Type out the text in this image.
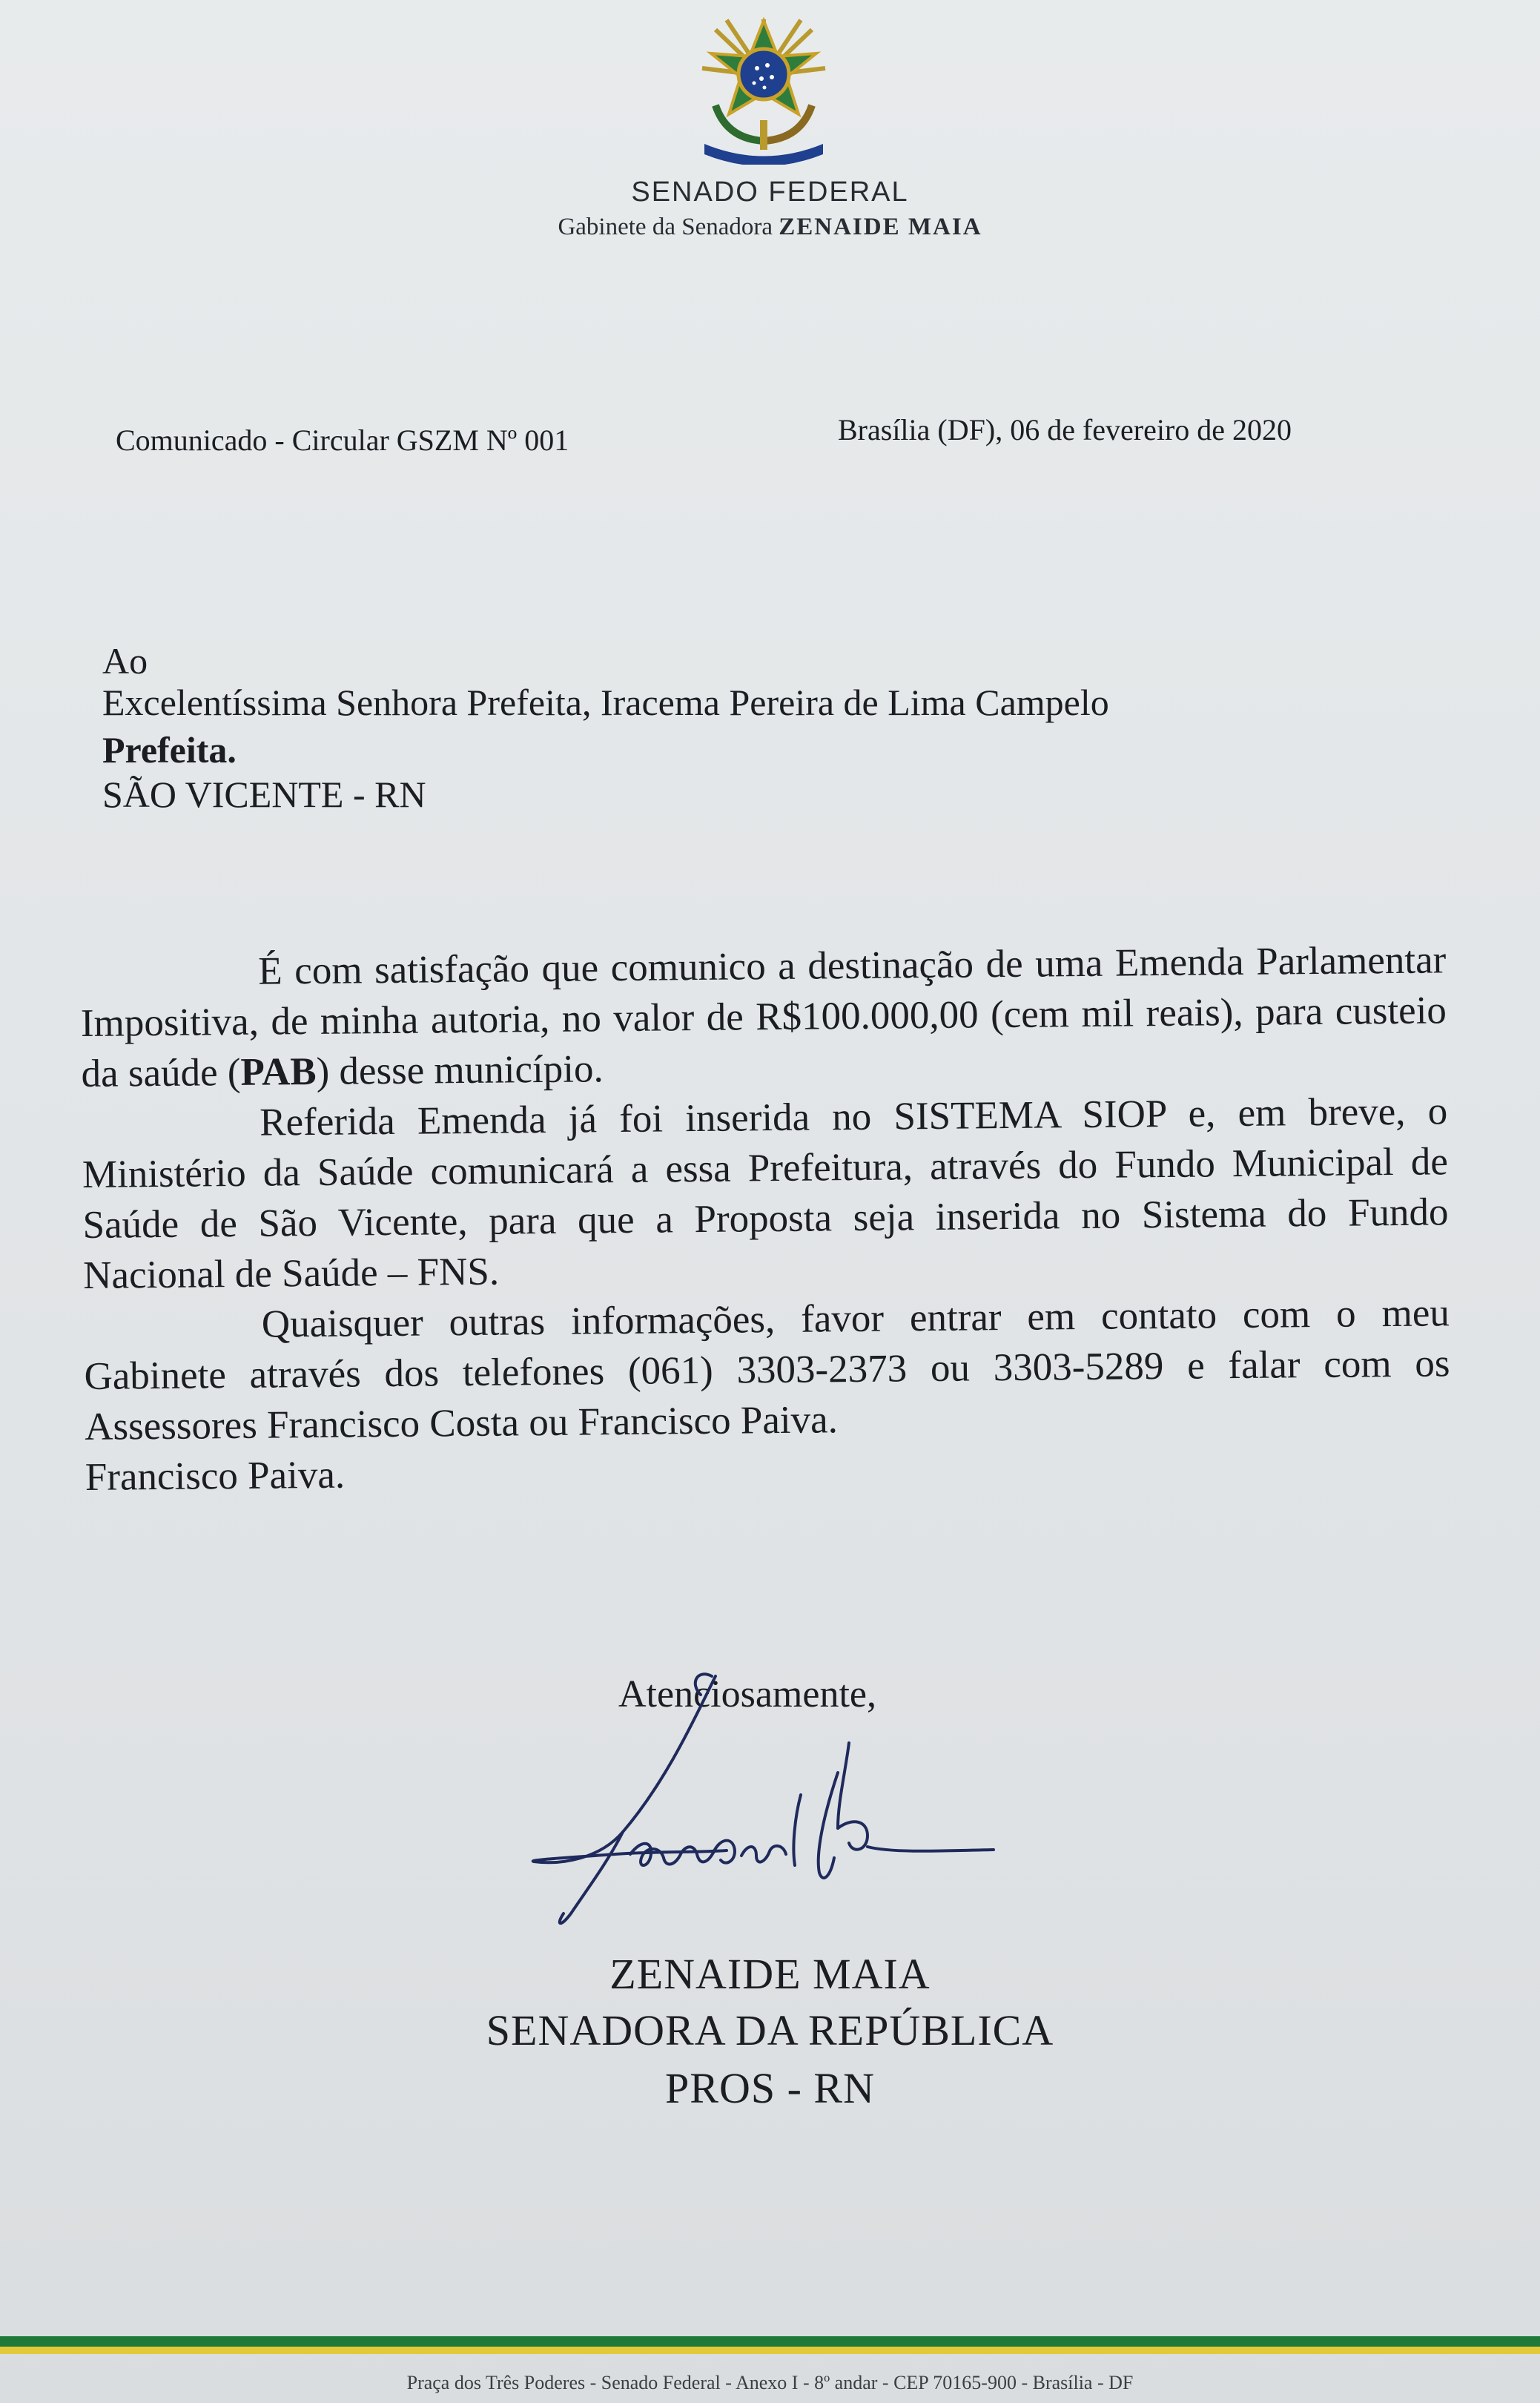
SENADO FEDERAL
Gabinete da Senadora ZENAIDE MAIA
Comunicado - Circular GSZM Nº 001	Brasília (DF), 06 de fevereiro de 2020
Ao
Excelentíssima Senhora Prefeita, Iracema Pereira de Lima Campelo
Prefeita.
SÃO VICENTE - RN

É com satisfação que comunico a destinação de uma Emenda Parlamentar Impositiva, de minha autoria, no valor de R$100.000,00 (cem mil reais), para custeio da saúde (PAB) desse município.

Referida Emenda já foi inserida no SISTEMA SIOP e, em breve, o Ministério da Saúde comunicará a essa Prefeitura, através do Fundo Municipal de Saúde de São Vicente, para que a Proposta seja inserida no Sistema do Fundo Nacional de Saúde – FNS.

Quaisquer outras informações, favor entrar em contato com o meu Gabinete através dos telefones (061) 3303-2373 ou 3303-5289 e falar com os Assessores Francisco Costa ou Francisco Paiva.

Francisco Paiva.

Atenciosamente,
ZENAIDE MAIA
SENADORA DA REPÚBLICA
PROS - RN
Praça dos Três Poderes - Senado Federal - Anexo I - 8º andar - CEP 70165-900 - Brasília - DF
